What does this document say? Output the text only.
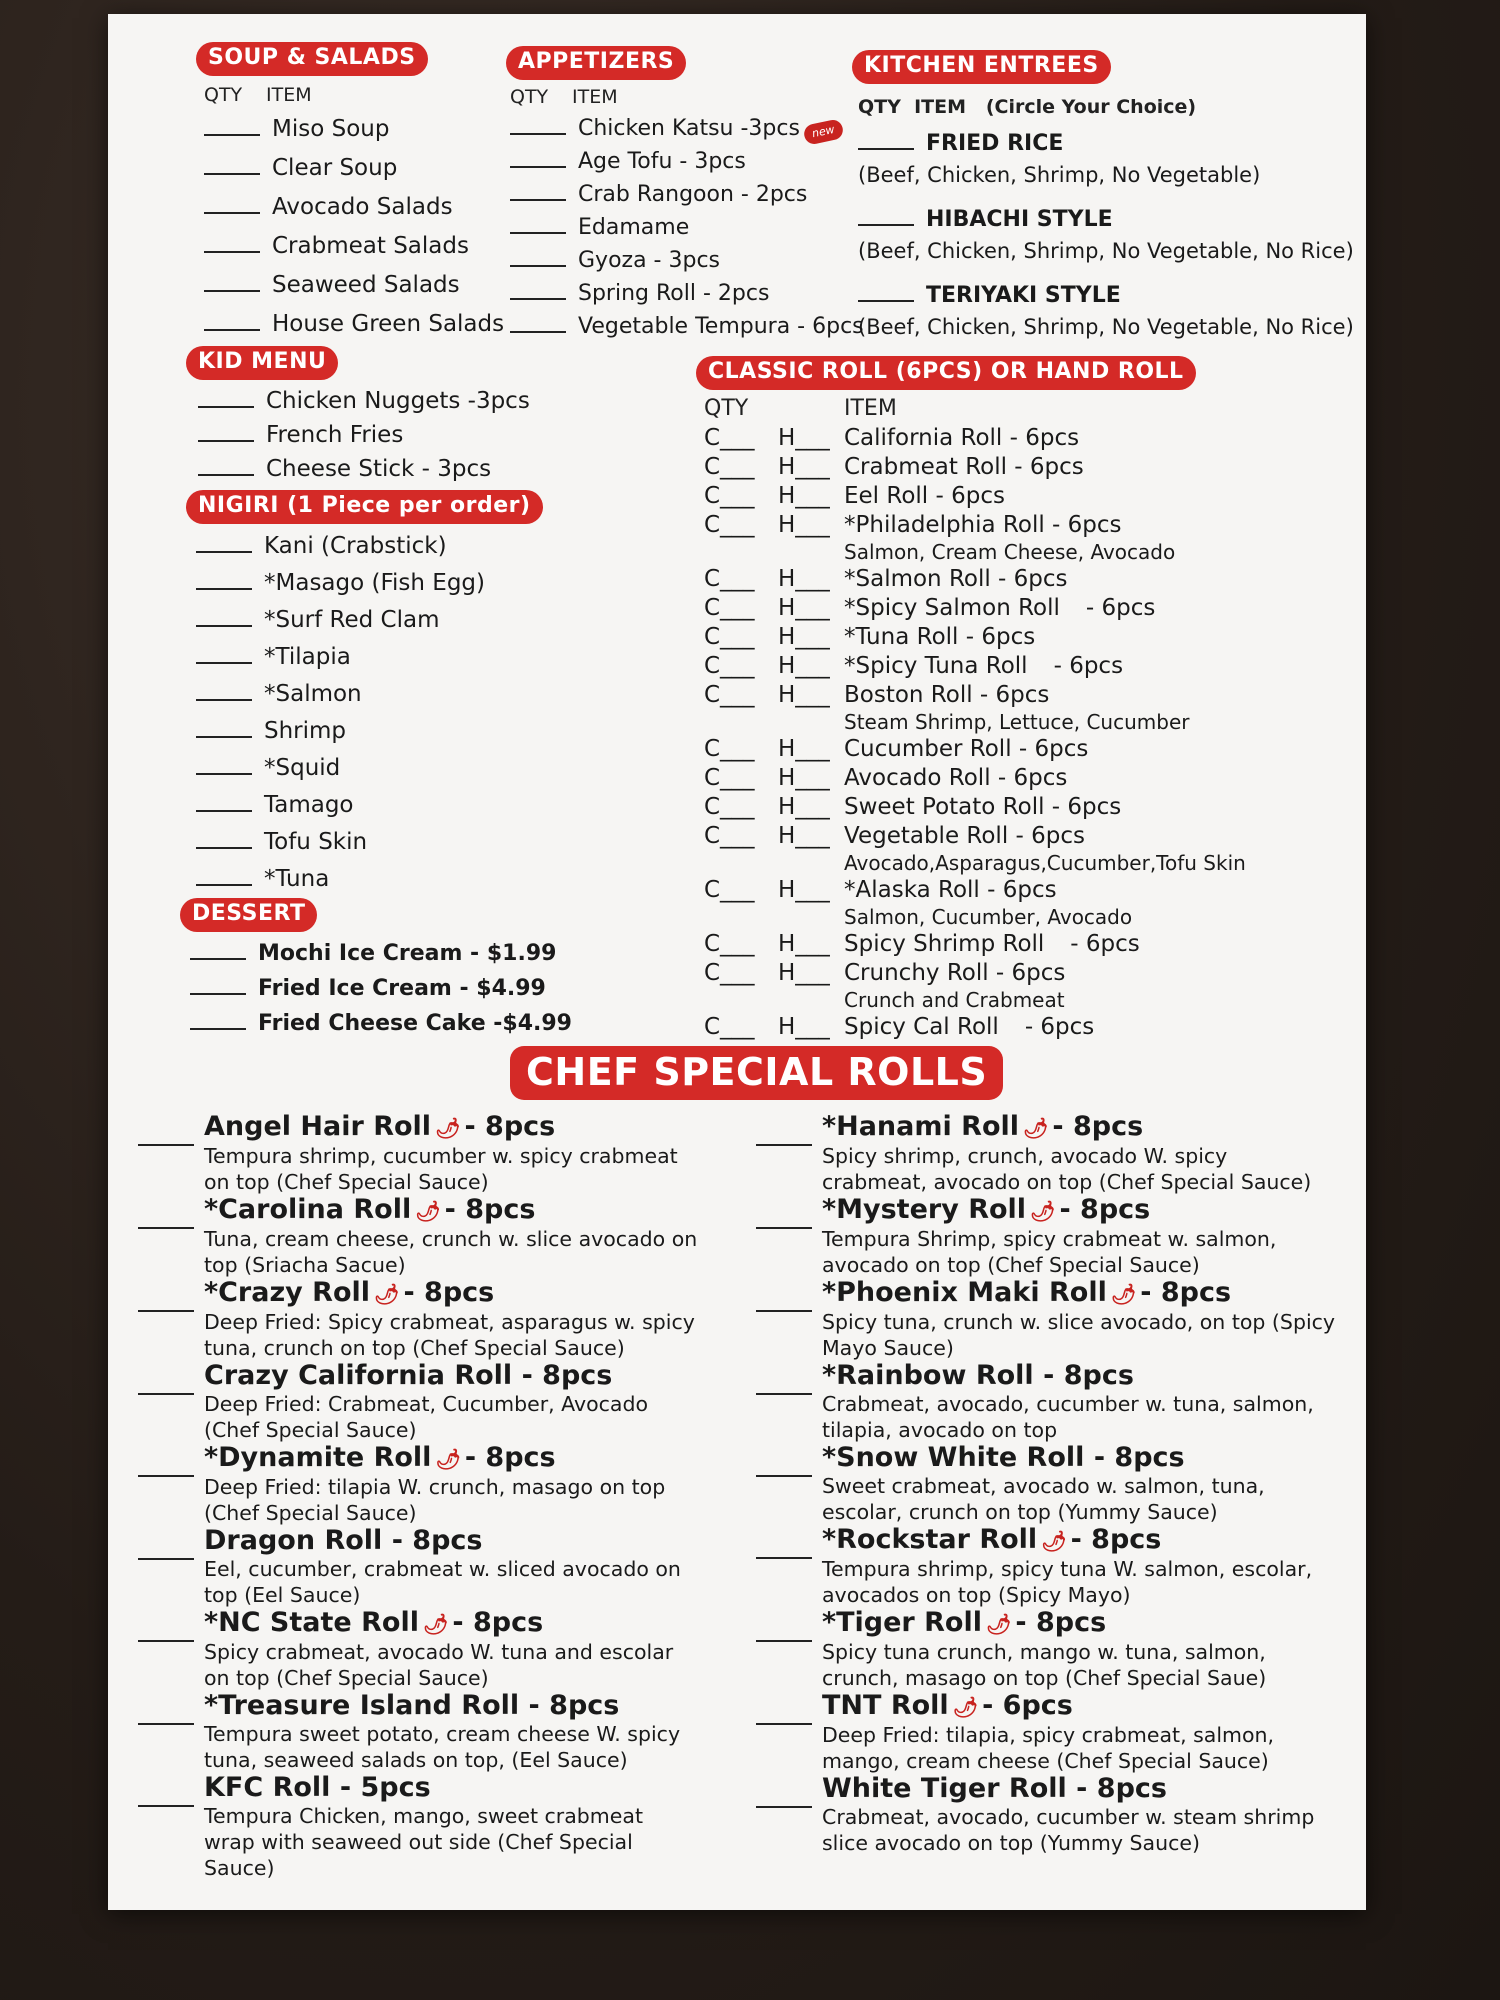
SOUP & SALADS
QTY ITEM
Miso Soup
Clear Soup
Avocado Salads
Crabmeat Salads
Seaweed Salads
House Green Salads
APPETIZERS
QTY ITEM
Chicken Katsu -3pcs new
Age Tofu - 3pcs
Crab Rangoon - 2pcs
Edamame
Gyoza - 3pcs
Spring Roll - 2pcs
Vegetable Tempura - 6pcs
KITCHEN ENTREES
QTY  ITEM   (Circle Your Choice)
FRIED RICE
(Beef, Chicken, Shrimp, No Vegetable)
HIBACHI STYLE
(Beef, Chicken, Shrimp, No Vegetable, No Rice)
TERIYAKI STYLE
(Beef, Chicken, Shrimp, No Vegetable, No Rice)
KID MENU
Chicken Nuggets -3pcs
French Fries
Cheese Stick - 3pcs
NIGIRI (1 Piece per order)
Kani (Crabstick)
*Masago (Fish Egg)
*Surf Red Clam
*Tilapia
*Salmon
Shrimp
*Squid
Tamago
Tofu Skin
*Tuna
DESSERT
Mochi Ice Cream - $1.99
Fried Ice Cream - $4.99
Fried Cheese Cake -$4.99
CLASSIC ROLL (6PCS) OR HAND ROLL
QTY	ITEM
C___	H___ California Roll - 6pcs
C___	H___ Crabmeat Roll - 6pcs
C___	H___ Eel Roll - 6pcs
C___	H___ *Philadelphia Roll - 6pcs
Salmon, Cream Cheese, Avocado
C___	H___ *Salmon Roll - 6pcs
C___	H___ *Spicy Salmon Roll - 6pcs
C___	H___ *Tuna Roll - 6pcs
C___	H___ *Spicy Tuna Roll - 6pcs
C___	H___ Boston Roll - 6pcs
Steam Shrimp, Lettuce, Cucumber
C___	H___ Cucumber Roll - 6pcs
C___	H___ Avocado Roll - 6pcs
C___	H___ Sweet Potato Roll - 6pcs
C___	H___ Vegetable Roll - 6pcs
Avocado,Asparagus,Cucumber,Tofu Skin
C___	H___ *Alaska Roll - 6pcs
Salmon, Cucumber, Avocado
C___	H___ Spicy Shrimp Roll - 6pcs
C___	H___ Crunchy Roll - 6pcs
Crunch and Crabmeat
C___	H___ Spicy Cal Roll - 6pcs
CHEF SPECIAL ROLLS
Angel Hair Roll 🌶 - 8pcs
Tempura shrimp, cucumber w. spicy crabmeat on top (Chef Special Sauce)
*Carolina Roll 🌶 - 8pcs
Tuna, cream cheese, crunch w. slice avocado on top (Sriacha Sacue)
*Crazy Roll 🌶 - 8pcs
Deep Fried: Spicy crabmeat, asparagus w. spicy tuna, crunch on top (Chef Special Sauce)
Crazy California Roll - 8pcs
Deep Fried: Crabmeat, Cucumber, Avocado (Chef Special Sauce)
*Dynamite Roll 🌶 - 8pcs
Deep Fried: tilapia W. crunch, masago on top (Chef Special Sauce)
Dragon Roll - 8pcs
Eel, cucumber, crabmeat w. sliced avocado on top (Eel Sauce)
*NC State Roll 🌶 - 8pcs
Spicy crabmeat, avocado W. tuna and escolar on top (Chef Special Sauce)
*Treasure Island Roll - 8pcs
Tempura sweet potato, cream cheese W. spicy tuna, seaweed salads on top, (Eel Sauce)
KFC Roll - 5pcs
Tempura Chicken, mango, sweet crabmeat wrap with seaweed out side (Chef Special Sauce)
*Hanami Roll 🌶 - 8pcs
Spicy shrimp, crunch, avocado W. spicy crabmeat, avocado on top (Chef Special Sauce)
*Mystery Roll 🌶 - 8pcs
Tempura Shrimp, spicy crabmeat w. salmon, avocado on top (Chef Special Sauce)
*Phoenix Maki Roll 🌶 - 8pcs
Spicy tuna, crunch w. slice avocado, on top (Spicy Mayo Sauce)
*Rainbow Roll - 8pcs
Crabmeat, avocado, cucumber w. tuna, salmon, tilapia, avocado on top
*Snow White Roll - 8pcs
Sweet crabmeat, avocado w. salmon, tuna, escolar, crunch on top (Yummy Sauce)
*Rockstar Roll 🌶 - 8pcs
Tempura shrimp, spicy tuna W. salmon, escolar, avocados on top (Spicy Mayo)
*Tiger Roll 🌶 - 8pcs
Spicy tuna crunch, mango w. tuna, salmon, crunch, masago on top (Chef Special Saue)
TNT Roll 🌶 - 6pcs
Deep Fried: tilapia, spicy crabmeat, salmon, mango, cream cheese (Chef Special Sauce)
White Tiger Roll - 8pcs
Crabmeat, avocado, cucumber w. steam shrimp slice avocado on top (Yummy Sauce)
